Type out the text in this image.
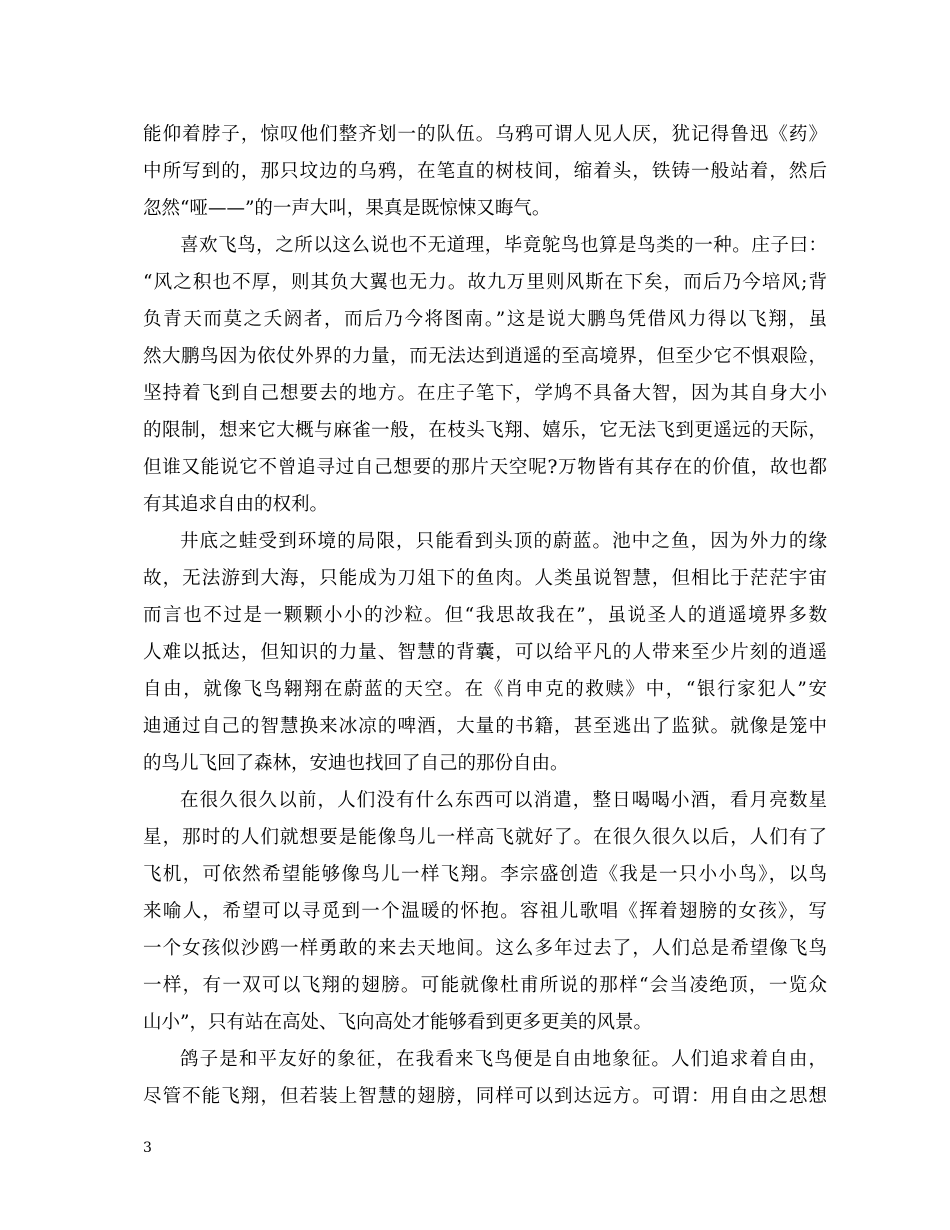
能仰着脖子，惊叹他们整齐划一的队伍。乌鸦可谓人见人厌，犹记得鲁迅《药》
中所写到的，那只坟边的乌鸦，在笔直的树枝间，缩着头，铁铸一般站着，然后
忽然“哑——”的一声大叫，果真是既惊悚又晦气。
喜欢飞鸟，之所以这么说也不无道理，毕竟鸵鸟也算是鸟类的一种。庄子曰：
“风之积也不厚，则其负大翼也无力。故九万里则风斯在下矣，而后乃今培风;背
负青天而莫之夭阏者，而后乃今将图南。”这是说大鹏鸟凭借风力得以飞翔，虽
然大鹏鸟因为依仗外界的力量，而无法达到逍遥的至高境界，但至少它不惧艰险，
坚持着飞到自己想要去的地方。在庄子笔下，学鸠不具备大智，因为其自身大小
的限制，想来它大概与麻雀一般，在枝头飞翔、嬉乐，它无法飞到更遥远的天际，
但谁又能说它不曾追寻过自己想要的那片天空呢?万物皆有其存在的价值，故也都
有其追求自由的权利。
井底之蛙受到环境的局限，只能看到头顶的蔚蓝。池中之鱼，因为外力的缘
故，无法游到大海，只能成为刀俎下的鱼肉。人类虽说智慧，但相比于茫茫宇宙
而言也不过是一颗颗小小的沙粒。但“我思故我在”，虽说圣人的逍遥境界多数
人难以抵达，但知识的力量、智慧的背囊，可以给平凡的人带来至少片刻的逍遥
自由，就像飞鸟翱翔在蔚蓝的天空。在《肖申克的救赎》中，“银行家犯人”安
迪通过自己的智慧换来冰凉的啤酒，大量的书籍，甚至逃出了监狱。就像是笼中
的鸟儿飞回了森林，安迪也找回了自己的那份自由。
在很久很久以前，人们没有什么东西可以消遣，整日喝喝小酒，看月亮数星
星，那时的人们就想要是能像鸟儿一样高飞就好了。在很久很久以后，人们有了
飞机，可依然希望能够像鸟儿一样飞翔。李宗盛创造《我是一只小小鸟》，以鸟
来喻人，希望可以寻觅到一个温暖的怀抱。容祖儿歌唱《挥着翅膀的女孩》，写
一个女孩似沙鸥一样勇敢的来去天地间。这么多年过去了，人们总是希望像飞鸟
一样，有一双可以飞翔的翅膀。可能就像杜甫所说的那样“会当凌绝顶，一览众
山小”，只有站在高处、飞向高处才能够看到更多更美的风景。
鸽子是和平友好的象征，在我看来飞鸟便是自由地象征。人们追求着自由，
尽管不能飞翔，但若装上智慧的翅膀，同样可以到达远方。可谓：用自由之思想
3
